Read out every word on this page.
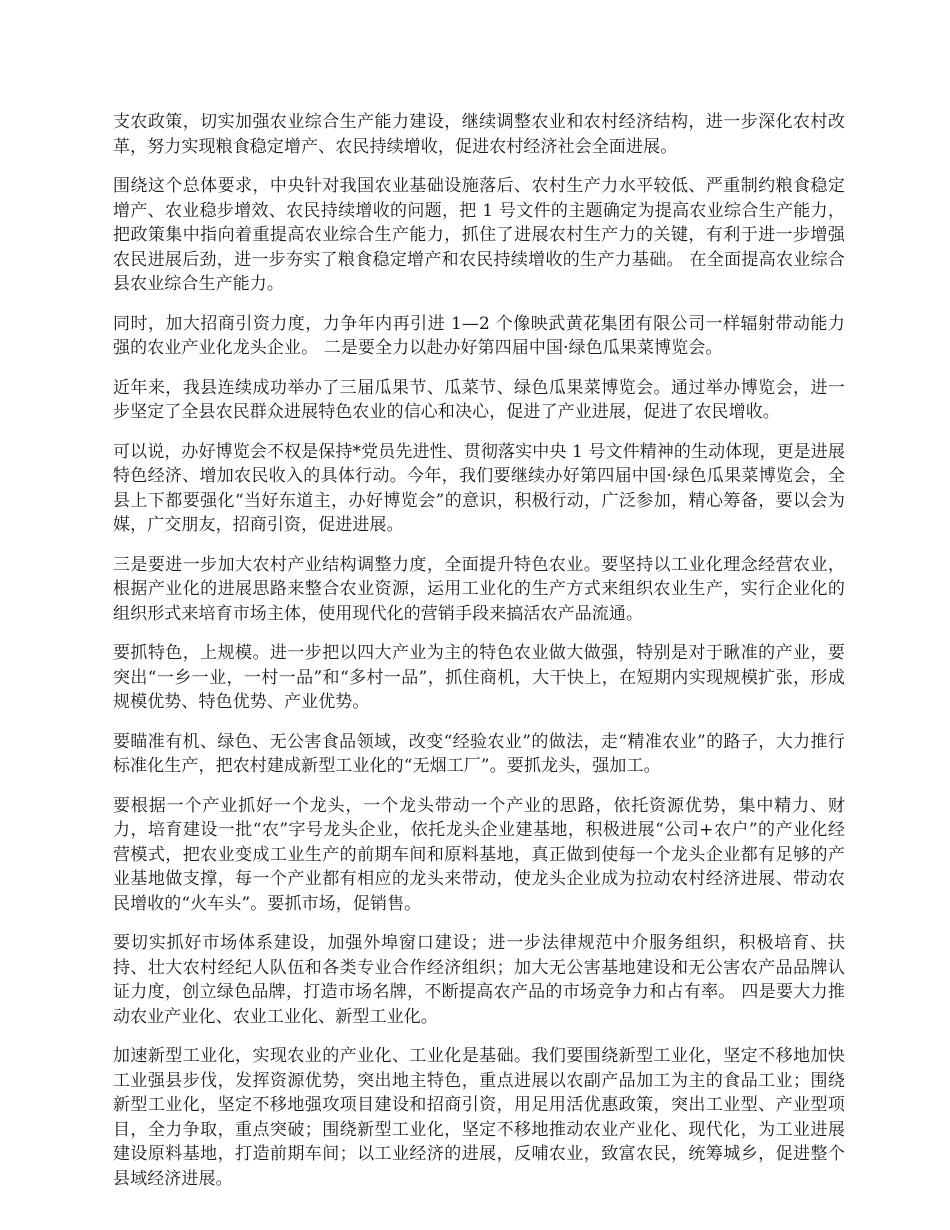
支农政策，切实加强农业综合生产能力建设，继续调整农业和农村经济结构，进一步深化农村改革，努力实现粮食稳定增产、农民持续增收，促进农村经济社会全面进展。

围绕这个总体要求，中央针对我国农业基础设施落后、农村生产力水平较低、严重制约粮食稳定增产、农业稳步增效、农民持续增收的问题，把 1 号文件的主题确定为提高农业综合生产能力，把政策集中指向着重提高农业综合生产能力，抓住了进展农村生产力的关键，有利于进一步增强农民进展后劲，进一步夯实了粮食稳定增产和农民持续增收的生产力基础。 在全面提高农业综合县农业综合生产能力。

同时，加大招商引资力度，力争年内再引进 1—2 个像映武黄花集团有限公司一样辐射带动能力强的农业产业化龙头企业。 二是要全力以赴办好第四届中国·绿色瓜果菜博览会。

近年来，我县连续成功举办了三届瓜果节、瓜菜节、绿色瓜果菜博览会。通过举办博览会，进一步坚定了全县农民群众进展特色农业的信心和决心，促进了产业进展，促进了农民增收。

可以说，办好博览会不权是保持*党员先进性、贯彻落实中央 1 号文件精神的生动体现，更是进展特色经济、增加农民收入的具体行动。今年，我们要继续办好第四届中国·绿色瓜果菜博览会，全县上下都要强化“当好东道主，办好博览会”的意识，积极行动，广泛参加，精心筹备，要以会为媒，广交朋友，招商引资，促进进展。

三是要进一步加大农村产业结构调整力度，全面提升特色农业。要坚持以工业化理念经营农业，根据产业化的进展思路来整合农业资源，运用工业化的生产方式来组织农业生产，实行企业化的组织形式来培育市场主体，使用现代化的营销手段来搞活农产品流通。

要抓特色，上规模。进一步把以四大产业为主的特色农业做大做强，特别是对于瞅准的产业，要突出“一乡一业，一村一品”和“多村一品”，抓住商机，大干快上，在短期内实现规模扩张，形成规模优势、特色优势、产业优势。

要瞄准有机、绿色、无公害食品领域，改变“经验农业”的做法，走“精准农业”的路子，大力推行标准化生产，把农村建成新型工业化的“无烟工厂”。要抓龙头，强加工。

要根据一个产业抓好一个龙头，一个龙头带动一个产业的思路，依托资源优势，集中精力、财力，培育建设一批“农”字号龙头企业，依托龙头企业建基地，积极进展“公司+农户”的产业化经营模式，把农业变成工业生产的前期车间和原料基地，真正做到使每一个龙头企业都有足够的产业基地做支撑，每一个产业都有相应的龙头来带动，使龙头企业成为拉动农村经济进展、带动农民增收的“火车头”。要抓市场，促销售。

要切实抓好市场体系建设，加强外埠窗口建设；进一步法律规范中介服务组织，积极培育、扶持、壮大农村经纪人队伍和各类专业合作经济组织；加大无公害基地建设和无公害农产品品牌认证力度，创立绿色品牌，打造市场名牌，不断提高农产品的市场竞争力和占有率。 四是要大力推动农业产业化、农业工业化、新型工业化。

加速新型工业化，实现农业的产业化、工业化是基础。我们要围绕新型工业化，坚定不移地加快工业强县步伐，发挥资源优势，突出地主特色，重点进展以农副产品加工为主的食品工业；围绕新型工业化，坚定不移地强攻项目建设和招商引资，用足用活优惠政策，突出工业型、产业型项目，全力争取，重点突破；围绕新型工业化，坚定不移地推动农业产业化、现代化，为工业进展建设原料基地，打造前期车间；以工业经济的进展，反哺农业，致富农民，统筹城乡，促进整个县域经济进展。
